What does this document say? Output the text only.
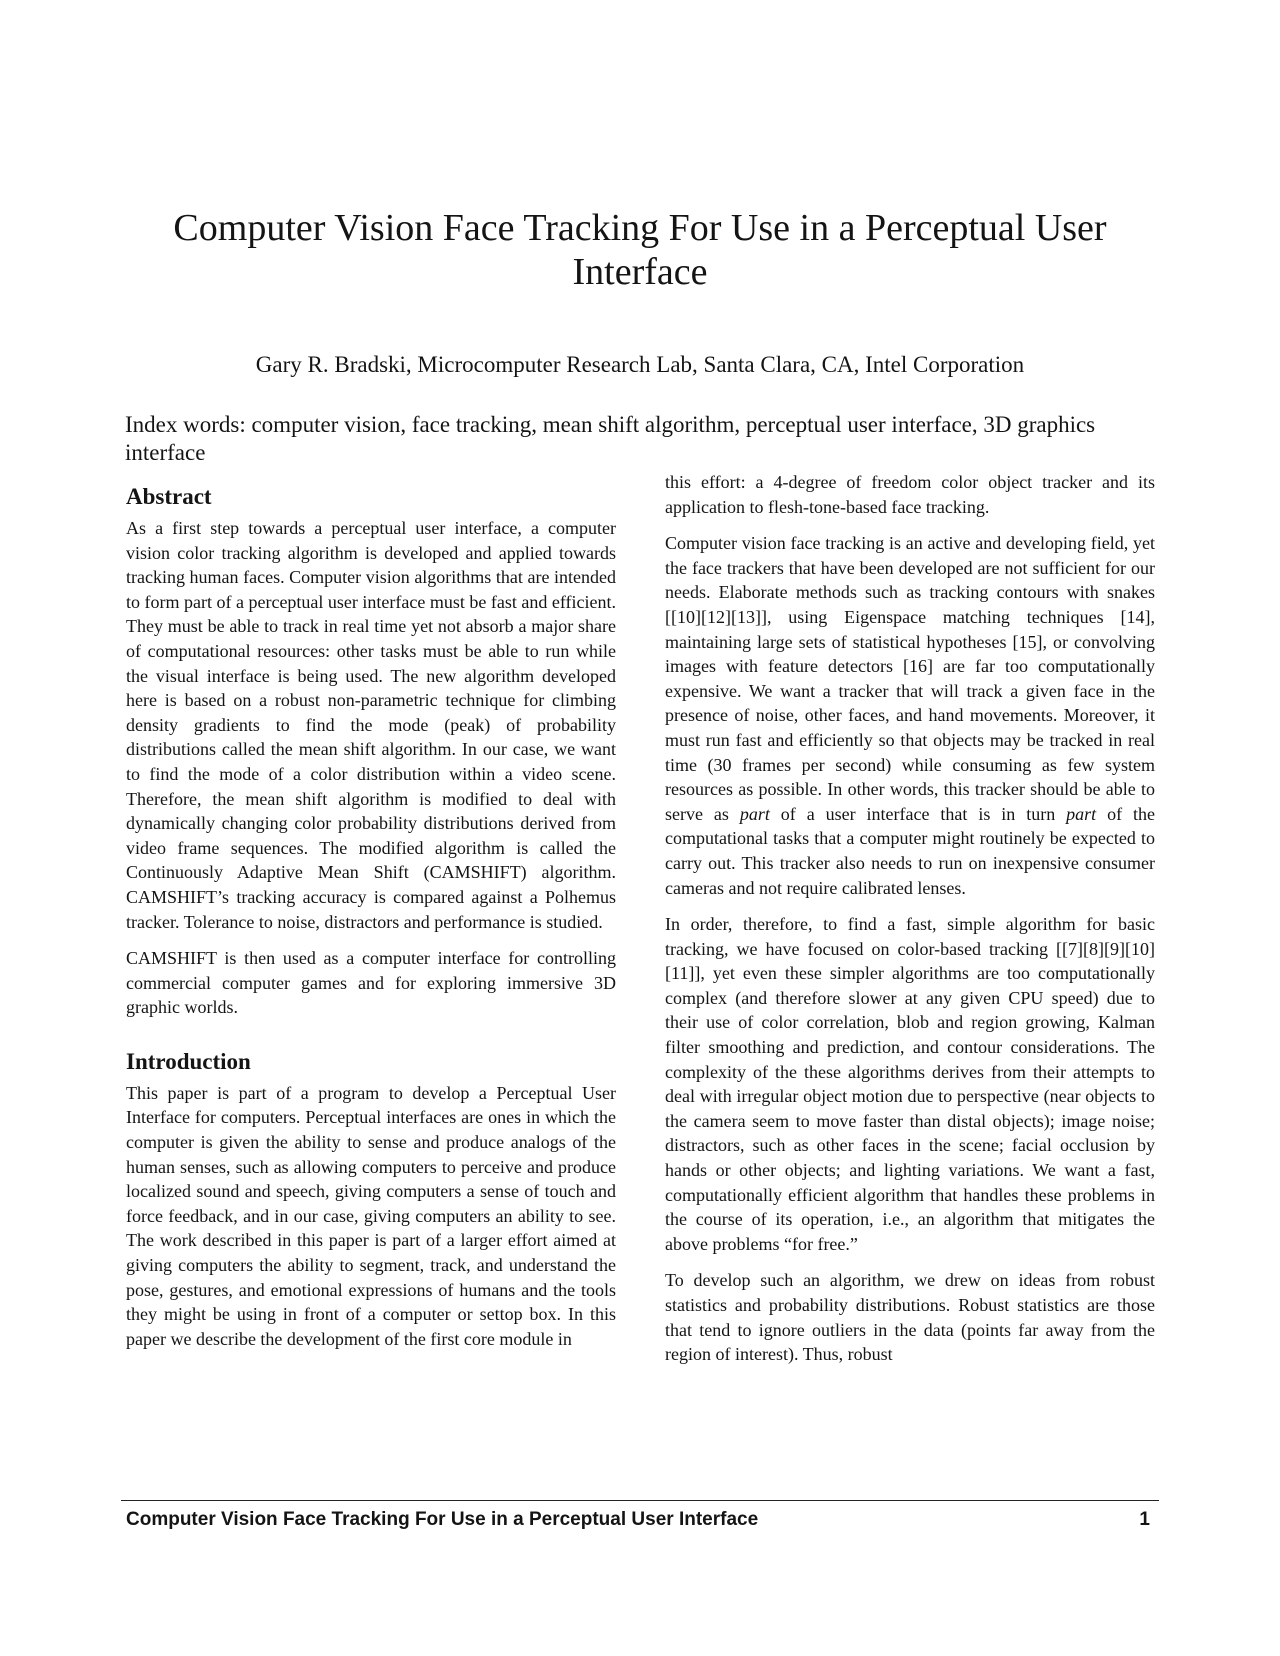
Computer Vision Face Tracking For Use in a Perceptual User Interface

Gary R. Bradski, Microcomputer Research Lab, Santa Clara, CA, Intel Corporation

Index words: computer vision, face tracking, mean shift algorithm, perceptual user interface, 3D graphics interface

Abstract

As a first step towards a perceptual user interface, a computer vision color tracking algorithm is developed and applied towards tracking human faces. Computer vision algorithms that are intended to form part of a perceptual user interface must be fast and efficient. They must be able to track in real time yet not absorb a major share of computational resources: other tasks must be able to run while the visual interface is being used. The new algorithm developed here is based on a robust non-parametric technique for climbing density gradients to find the mode (peak) of probability distributions called the mean shift algorithm. In our case, we want to find the mode of a color distribution within a video scene. Therefore, the mean shift algorithm is modified to deal with dynamically changing color probability distributions derived from video frame sequences. The modified algorithm is called the Continuously Adaptive Mean Shift (CAMSHIFT) algorithm. CAMSHIFT’s tracking accuracy is compared against a Polhemus tracker. Tolerance to noise, distractors and performance is studied.

CAMSHIFT is then used as a computer interface for controlling commercial computer games and for exploring immersive 3D graphic worlds.

Introduction

This paper is part of a program to develop a Perceptual User Interface for computers. Perceptual interfaces are ones in which the computer is given the ability to sense and produce analogs of the human senses, such as allowing computers to perceive and produce localized sound and speech, giving computers a sense of touch and force feedback, and in our case, giving computers an ability to see. The work described in this paper is part of a larger effort aimed at giving computers the ability to segment, track, and understand the pose, gestures, and emotional expressions of humans and the tools they might be using in front of a computer or settop box. In this paper we describe the development of the first core module in

this effort: a 4-degree of freedom color object tracker and its application to flesh-tone-based face tracking.

Computer vision face tracking is an active and developing field, yet the face trackers that have been developed are not sufficient for our needs. Elaborate methods such as tracking contours with snakes [[10][12][13]], using Eigenspace matching techniques [14], maintaining large sets of statistical hypotheses [15], or convolving images with feature detectors [16] are far too computationally expensive. We want a tracker that will track a given face in the presence of noise, other faces, and hand movements. Moreover, it must run fast and efficiently so that objects may be tracked in real time (30 frames per second) while consuming as few system resources as possible. In other words, this tracker should be able to serve as part of a user interface that is in turn part of the computational tasks that a computer might routinely be expected to carry out. This tracker also needs to run on inexpensive consumer cameras and not require calibrated lenses.

In order, therefore, to find a fast, simple algorithm for basic tracking, we have focused on color-based tracking [[7][8][9][10][11]], yet even these simpler algorithms are too computationally complex (and therefore slower at any given CPU speed) due to their use of color correlation, blob and region growing, Kalman filter smoothing and prediction, and contour considerations. The complexity of the these algorithms derives from their attempts to deal with irregular object motion due to perspective (near objects to the camera seem to move faster than distal objects); image noise; distractors, such as other faces in the scene; facial occlusion by hands or other objects; and lighting variations. We want a fast, computationally efficient algorithm that handles these problems in the course of its operation, i.e., an algorithm that mitigates the above problems “for free.”

To develop such an algorithm, we drew on ideas from robust statistics and probability distributions. Robust statistics are those that tend to ignore outliers in the data (points far away from the region of interest). Thus, robust

Computer Vision Face Tracking For Use in a Perceptual User Interface	1
